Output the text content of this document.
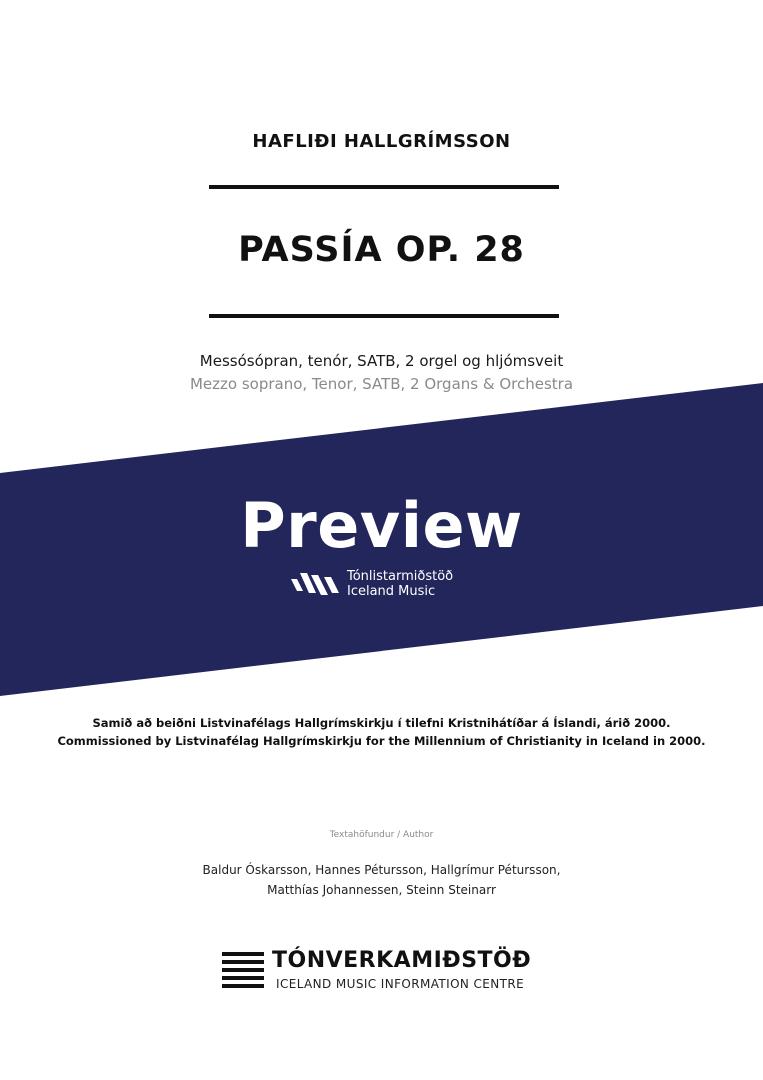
HAFLIÐI HALLGRÍMSSON
PASSÍA OP. 28
Messósópran, tenór, SATB, 2 orgel og hljómsveit
Mezzo soprano, Tenor, SATB, 2 Organs & Orchestra
Preview
Tónlistarmiðstöð
Iceland Music
Samið að beiðni Listvinafélags Hallgrímskirkju í tilefni Kristnihátíðar á Íslandi, árið 2000.
Commissioned by Listvinafélag Hallgrímskirkju for the Millennium of Christianity in Iceland in 2000.
Textahöfundur / Author
Baldur Óskarsson, Hannes Pétursson, Hallgrímur Pétursson,
Matthías Johannessen, Steinn Steinarr
TÓNVERKAMIÐSTÖÐ
ICELAND MUSIC INFORMATION CENTRE
